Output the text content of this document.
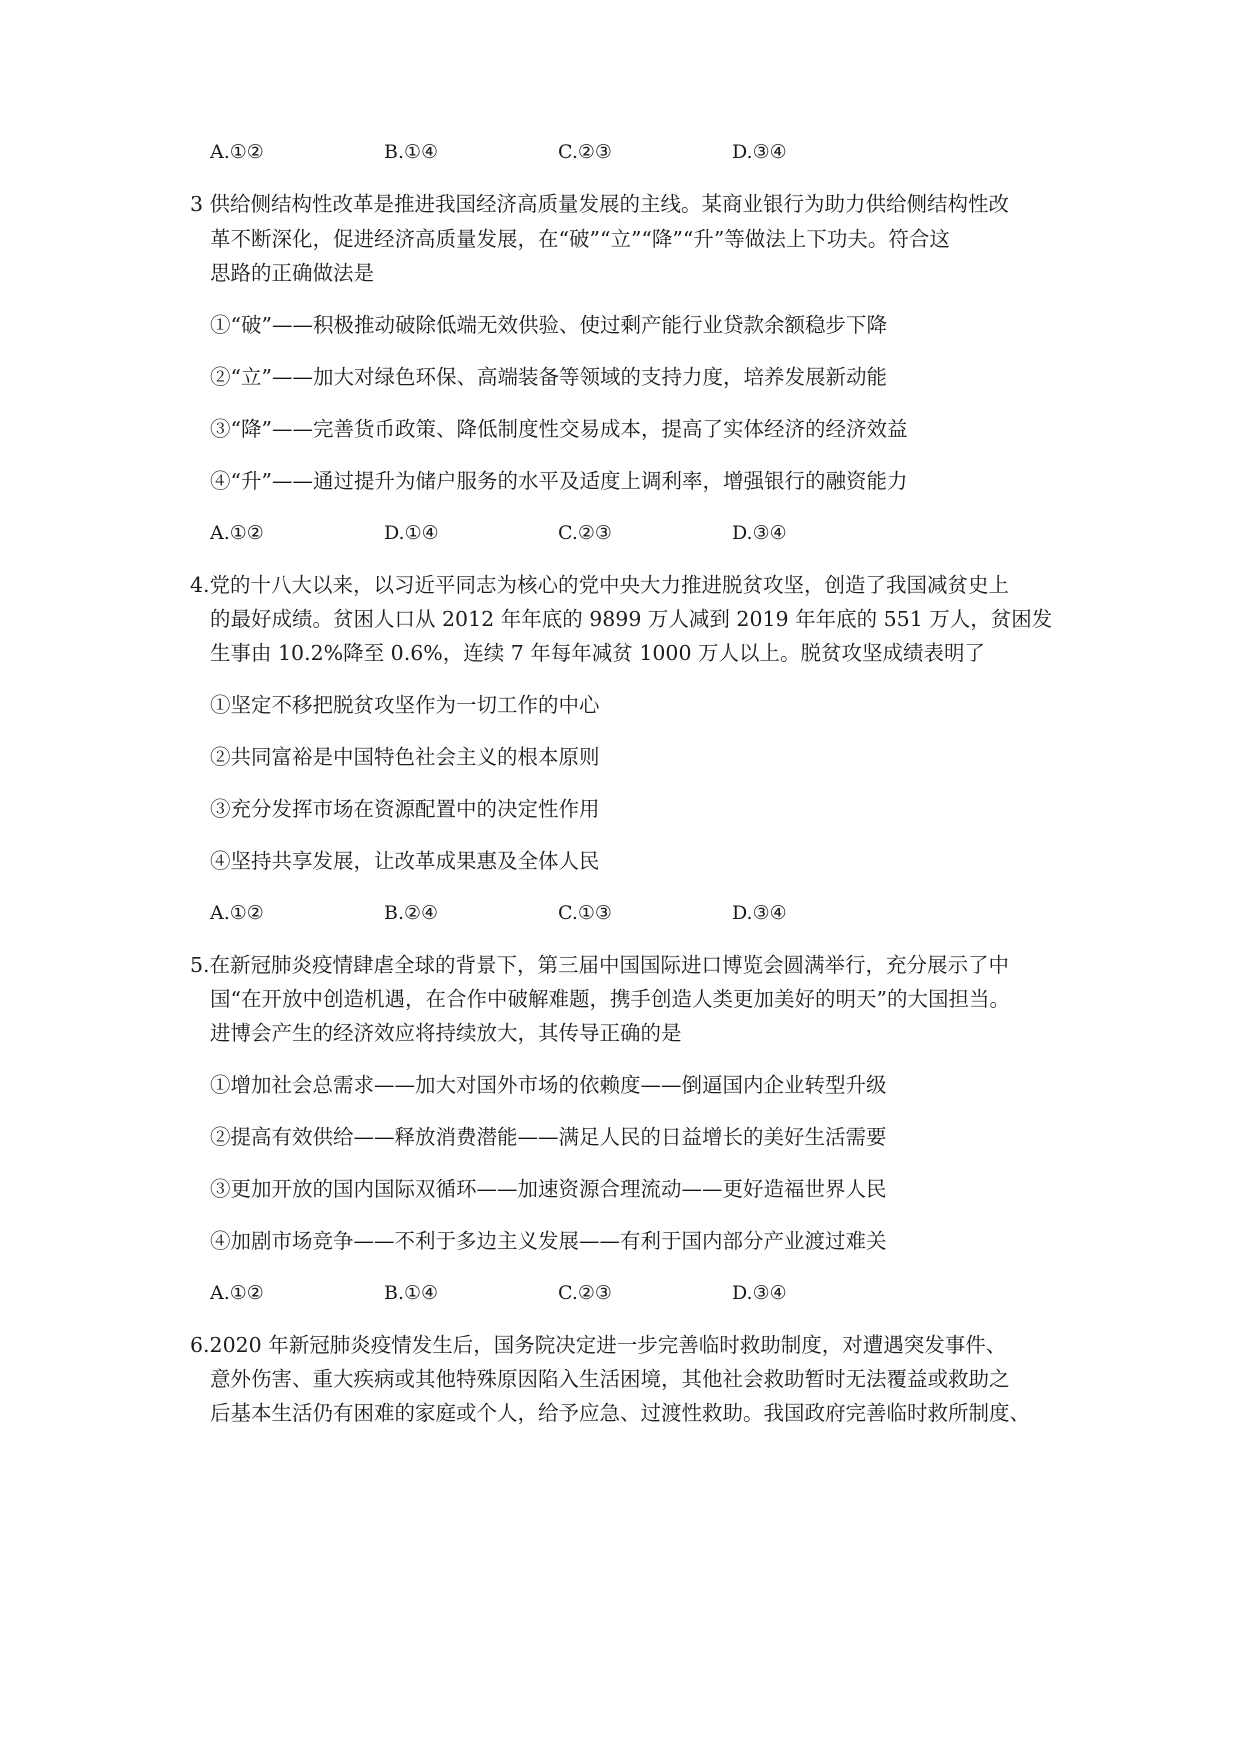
A.①②	B.①④	C.②③	D.③④
3 供给侧结构性改革是推进我国经济高质量发展的主线。某商业银行为助力供给侧结构性改
革不断深化，促进经济高质量发展，在“破”“立”“降”“升”等做法上下功夫。符合这
思路的正确做法是
①“破”——积极推动破除低端无效供验、使过剩产能行业贷款余额稳步下降
②“立”——加大对绿色环保、高端装备等领域的支持力度，培养发展新动能
③“降”——完善货币政策、降低制度性交易成本，提高了实体经济的经济效益
④“升”——通过提升为储户服务的水平及适度上调利率，增强银行的融资能力
A.①②	D.①④	C.②③	D.③④
4.党的十八大以来，以习近平同志为核心的党中央大力推进脱贫攻坚，创造了我国减贫史上
的最好成绩。贫困人口从 2012 年年底的 9899 万人减到 2019 年年底的 551 万人，贫困发
生事由 10.2%降至 0.6%，连续 7 年每年减贫 1000 万人以上。脱贫攻坚成绩表明了
①坚定不移把脱贫攻坚作为一切工作的中心
②共同富裕是中国特色社会主义的根本原则
③充分发挥市场在资源配置中的决定性作用
④坚持共享发展，让改革成果惠及全体人民
A.①②	B.②④	C.①③	D.③④
5.在新冠肺炎疫情肆虐全球的背景下，第三届中国国际进口博览会圆满举行，充分展示了中
国“在开放中创造机遇，在合作中破解难题，携手创造人类更加美好的明天”的大国担当。
进博会产生的经济效应将持续放大，其传导正确的是
①增加社会总需求——加大对国外市场的依赖度——倒逼国内企业转型升级
②提高有效供给——释放消费潜能——满足人民的日益增长的美好生活需要
③更加开放的国内国际双循环——加速资源合理流动——更好造福世界人民
④加剧市场竞争——不利于多边主义发展——有利于国内部分产业渡过难关
A.①②	B.①④	C.②③	D.③④
6.2020 年新冠肺炎疫情发生后，国务院决定进一步完善临时救助制度，对遭遇突发事件、
意外伤害、重大疾病或其他特殊原因陷入生活困境，其他社会救助暂时无法覆益或救助之
后基本生活仍有困难的家庭或个人，给予应急、过渡性救助。我国政府完善临时救所制度、
